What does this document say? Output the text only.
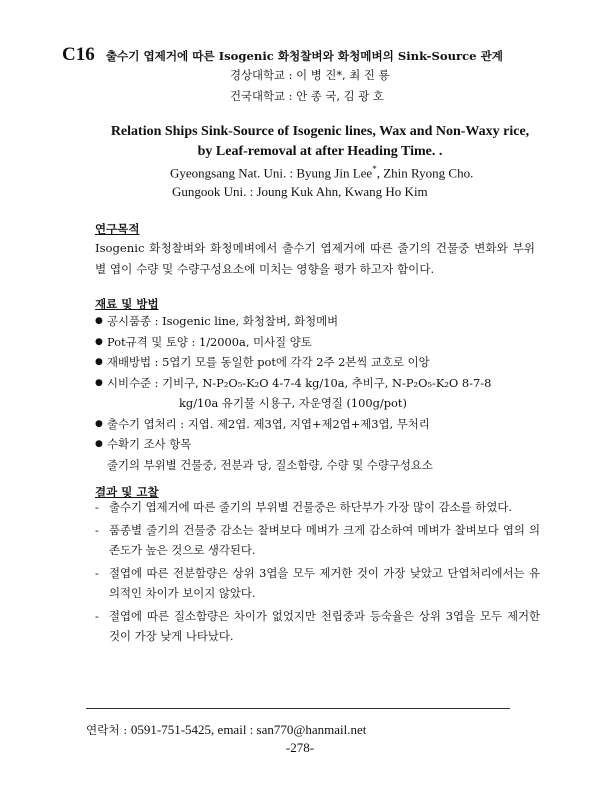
C16 출수기 엽제거에 따른 Isogenic 화청찰벼와 화청메벼의 Sink-Source 관계
경상대학교 : 이 병 진*, 최 진 룡
건국대학교 : 안 종 국, 김 광 호
Relation Ships Sink-Source of Isogenic lines, Wax and Non-Waxy rice,
by Leaf-removal at after Heading Time. .
Gyeongsang Nat. Uni. : Byung Jin Lee*, Zhin Ryong Cho.
Gungook Uni. : Joung Kuk Ahn, Kwang Ho Kim
연구목적
Isogenic 화청찰벼와 화청메벼에서 출수기 엽제거에 따른 줄기의 건물중 변화와 부위별 엽이 수량 및 수량구성요소에 미치는 영향을 평가 하고자 함이다.
재료 및 방법
● 공시품종 : Isogenic line, 화청찰벼, 화청메벼
● Pot규격 및 토양 : 1/2000a, 미사질 양토
● 재배방법 : 5엽기 모를 동일한 pot에 각각 2주 2본씩 교호로 이앙
● 시비수준 : 기비구, N-P₂O₅-K₂O 4-7-4 kg/10a, 추비구, N-P₂O₅-K₂O 8-7-8
kg/10a 유기물 시용구, 자운영질 (100g/pot)
● 출수기 엽처리 : 지엽. 제2엽. 제3엽, 지엽+제2엽+제3엽, 무처리
● 수확기 조사 항목
줄기의 부위별 건물중, 전분과 당, 질소함량, 수량 및 수량구성요소
결과 및 고찰
- 출수기 엽제거에 따른 줄기의 부위별 건물중은 하단부가 가장 많이 감소를 하였다.
- 품종별 줄기의 건물중 감소는 찰벼보다 메벼가 크게 감소하여 메벼가 찰벼보다 엽의 의존도가 높은 것으로 생각된다.
- 절엽에 따른 전분함량은 상위 3엽을 모두 제거한 것이 가장 낮았고 단엽처리에서는 유의적인 차이가 보이지 않았다.
- 절엽에 따른 질소함량은 차이가 없었지만 천립중과 등숙율은 상위 3엽을 모두 제거한 것이 가장 낮게 나타났다.
연락처 : 0591-751-5425, email : san770@hanmail.net
-278-
